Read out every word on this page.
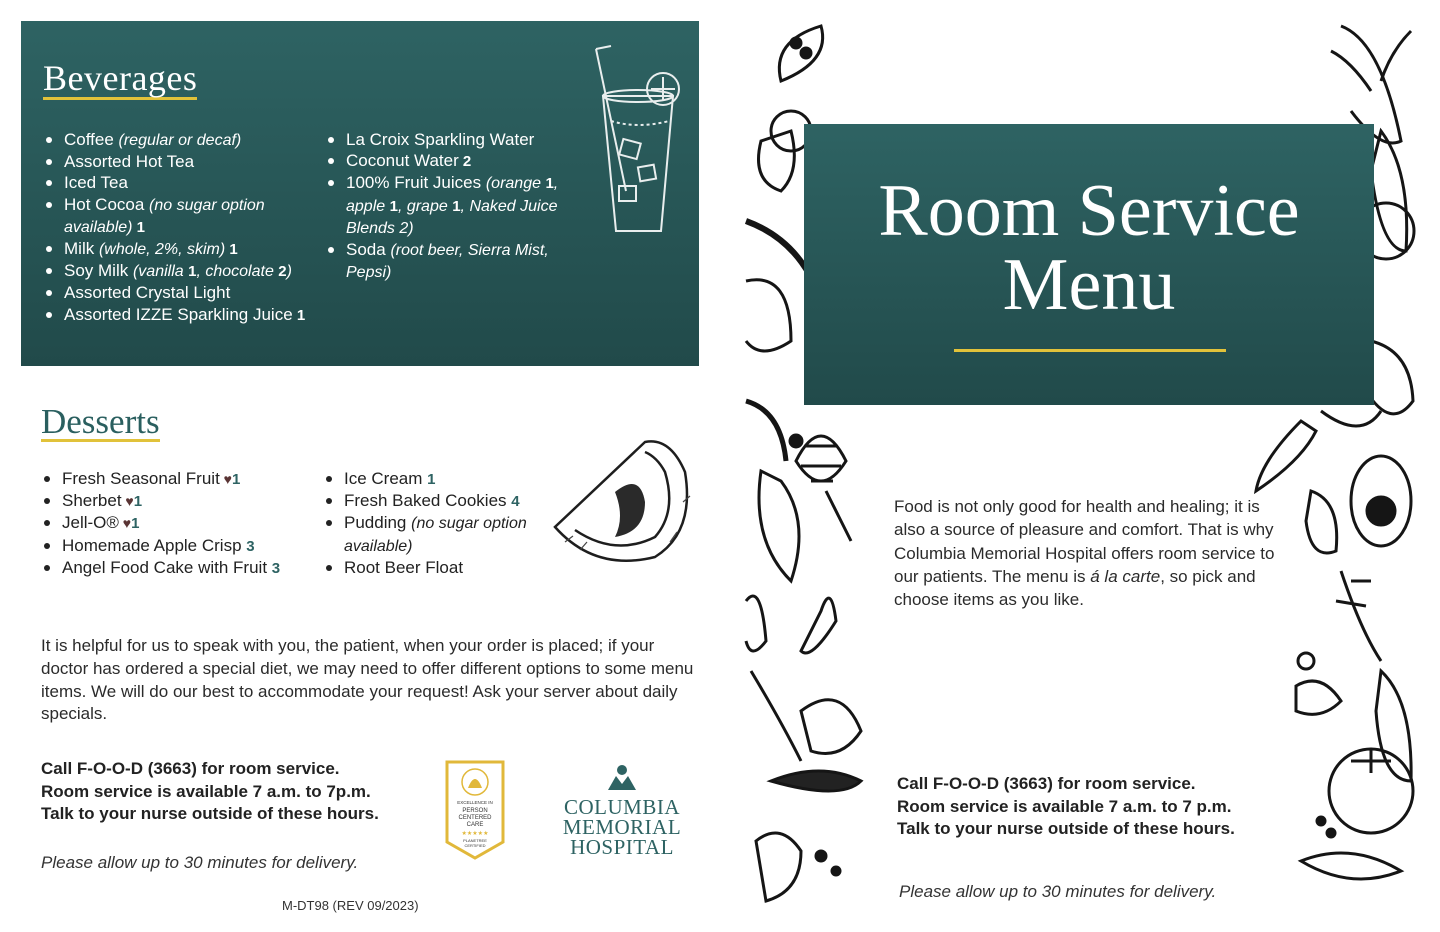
Beverages
Coffee (regular or decaf)
Assorted Hot Tea
Iced Tea
Hot Cocoa (no sugar option available) 1
Milk (whole, 2%, skim) 1
Soy Milk (vanilla 1, chocolate 2)
Assorted Crystal Light
Assorted IZZE Sparkling Juice 1
La Croix Sparkling Water
Coconut Water 2
100% Fruit Juices (orange 1, apple 1, grape 1, Naked Juice Blends 2)
Soda (root beer, Sierra Mist, Pepsi)
Desserts
Fresh Seasonal Fruit ♥1
Sherbet ♥1
Jell-O® ♥1
Homemade Apple Crisp 3
Angel Food Cake with Fruit 3
Ice Cream 1
Fresh Baked Cookies 4
Pudding (no sugar option available)
Root Beer Float

It is helpful for us to speak with you, the patient, when your order is placed; if your doctor has ordered a special diet, we may need to offer different options to some menu items. We will do our best to accommodate your request! Ask your server about daily specials.

Call F-O-O-D (3663) for room service.
Room service is available 7 a.m. to 7p.m.
Talk to your nurse outside of these hours.

Please allow up to 30 minutes for delivery.

M-DT98 (REV 09/2023)
EXCELLENCE IN
PERSON
CENTERED
CARE
★★★★★
PLANETREE
CERTIFIED
COLUMBIA
MEMORIAL
HOSPITAL
Room Service
Menu

Food is not only good for health and healing; it is also a source of pleasure and comfort. That is why Columbia Memorial Hospital offers room service to our patients. The menu is á la carte, so pick and choose items as you like.

Call F-O-O-D (3663) for room service.
Room service is available 7 a.m. to 7 p.m.
Talk to your nurse outside of these hours.

Please allow up to 30 minutes for delivery.
